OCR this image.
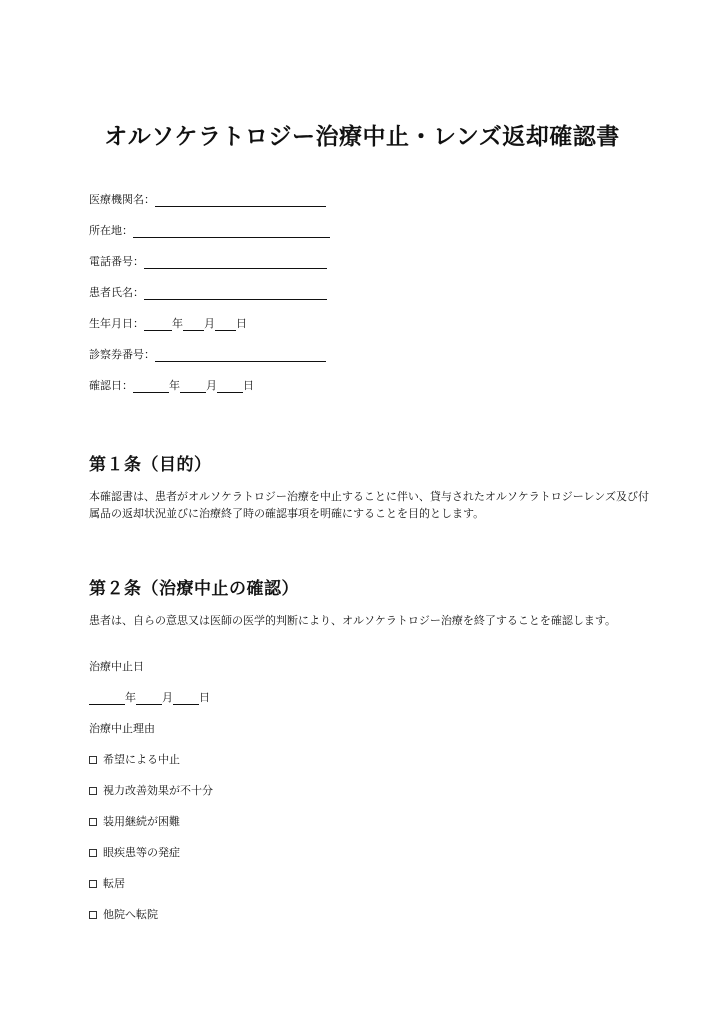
オルソケラトロジー治療中止・レンズ返却確認書
医療機関名：
所在地：
電話番号：
患者氏名：
生年月日：	年 月 日
診察券番号：
確認日：	年 月 日
第１条（目的）

本確認書は、患者がオルソケラトロジー治療を中止することに伴い、貸与されたオルソケラトロジーレンズ及び付属品の返却状況並びに治療終了時の確認事項を明確にすることを目的とします。

第２条（治療中止の確認）

患者は、自らの意思又は医師の医学的判断により、オルソケラトロジー治療を終了することを確認します。

治療中止日
年 月 日
治療中止理由
希望による中止
視力改善効果が不十分
装用継続が困難
眼疾患等の発症
転居
他院へ転院
